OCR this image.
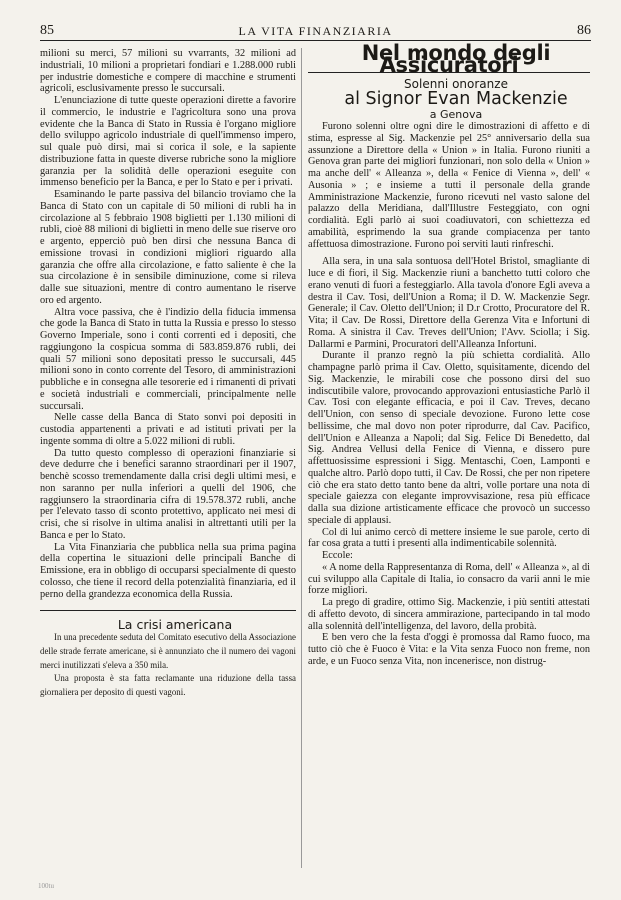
85	LA VITA FINANZIARIA	86

milioni su merci, 57 milioni su vvarrants, 32 milioni ad industriali, 10 milioni a proprietari fondiari e 1.288.000 rubli per industrie domestiche e compere di macchine e strumenti agricoli, esclusivamente presso le succursali.

L'enunciazione di tutte queste operazioni dirette a favorire il commercio, le industrie e l'agricoltura sono una prova evidente che la Banca di Stato in Russia è l'organo migliore dello sviluppo agricolo industriale di quell'immenso impero, sul quale può dirsi, mai si corica il sole, e la sapiente distribuzione fatta in queste diverse rubriche sono la migliore garanzia per la solidità delle operazioni eseguite con immenso beneficio per la Banca, e per lo Stato e per i privati.

Esaminando le parte passiva del bilancio troviamo che la Banca di Stato con un capitale di 50 milioni di rubli ha in circolazione al 5 febbraio 1908 biglietti per 1.130 milioni di rubli, cioè 88 milioni di biglietti in meno delle sue riserve oro e argento, epperciò può ben dirsi che nessuna Banca di emissione trovasi in condizioni migliori riguardo alla garanzia che offre alla circolazione, e fatto saliente è che la sua circolazione è in sensibile diminuzione, come si rileva dalle sue situazioni, mentre di contro aumentano le riserve oro ed argento.

Altra voce passiva, che è l'indizio della fiducia immensa che gode la Banca di Stato in tutta la Russia e presso lo stesso Governo Imperiale, sono i conti correnti ed i depositi, che raggiungono la cospicua somma di 583.859.876 rubli, dei quali 57 milioni sono depositati presso le succursali, 445 milioni sono in conto corrente del Tesoro, di amministrazioni pubbliche e in consegna alle tesorerie ed i rimanenti di privati e società industriali e commerciali, principalmente nelle succursali.

Nelle casse della Banca di Stato sonvi poi depositi in custodia appartenenti a privati e ad istituti privati per la ingente somma di oltre a 5.022 milioni di rubli.

Da tutto questo complesso di operazioni finanziarie si deve dedurre che i benefici saranno straordinari per il 1907, benchè scosso tremendamente dalla crisi degli ultimi mesi, e non saranno per nulla inferiori a quelli del 1906, che raggiunsero la straordinaria cifra di 19.578.372 rubli, anche per l'elevato tasso di sconto protettivo, applicato nei mesi di crisi, che si risolve in ultima analisi in altrettanti utili per la Banca e per lo Stato.

La Vita Finanziaria che pubblica nella sua prima pagina della copertina le situazioni delle principali Banche di Emissione, era in obbligo di occuparsi specialmente di questo colosso, che tiene il record della potenzialità finanziaria, ed il perno della grandezza economica della Russia.

La crisi americana

In una precedente seduta del Comitato esecutivo della Associazione delle strade ferrate americane, si è annunziato che il numero dei vagoni merci inutilizzati s'eleva a 350 mila.

Una proposta è sta fatta reclamante una riduzione della tassa giornaliera per deposito di questi vagoni.

Nel mondo degli Assicuratori

Solenni onoranze

al Signor Evan Mackenzie

a Genova

Furono solenni oltre ogni dire le dimostrazioni di affetto e di stima, espresse al Sig. Mackenzie pel 25° anniversario della sua assunzione a Direttore della « Union » in Italia. Furono riuniti a Genova gran parte dei migliori funzionari, non solo della « Union » ma anche dell' « Alleanza », della « Fenice di Vienna », dell' « Ausonia » ; e insieme a tutti il personale della grande Amministrazione Mackenzie, furono ricevuti nel vasto salone del palazzo della Meridiana, dall'Illustre Festeggiato, con ogni cordialità. Egli parlò ai suoi coadiuvatori, con schiettezza ed amabilità, esprimendo la sua grande compiacenza per tanto affettuosa dimostrazione. Furono poi serviti lauti rinfreschi.

Alla sera, in una sala sontuosa dell'Hotel Bristol, smagliante di luce e di fiori, il Sig. Mackenzie riunì a banchetto tutti coloro che erano venuti di fuori a festeggiarlo. Alla tavola d'onore Egli aveva a destra il Cav. Tosi, dell'Union a Roma; il D. W. Mackenzie Segr. Generale; il Cav. Oletto dell'Union; il D.r Crotto, Procuratore del R. Vita; il Cav. De Rossi, Direttore della Gerenza Vita e Infortuni di Roma. A sinistra il Cav. Treves dell'Union; l'Avv. Sciolla; i Sig. Dallarmi e Parmini, Procuratori dell'Alleanza Infortuni.

Durante il pranzo regnò la più schietta cordialità. Allo champagne parlò prima il Cav. Oletto, squisitamente, dicendo del Sig. Mackenzie, le mirabili cose che possono dirsi del suo indiscutibile valore, provocando approvazioni entusiastiche Parlò il Cav. Tosi con elegante efficacia, e poi il Cav. Treves, decano dell'Union, con senso di speciale devozione. Furono lette cose bellissime, che mal dovo non poter riprodurre, dal Cav. Pacifico, dell'Union e Alleanza a Napoli; dal Sig. Felice Di Benedetto, dal Sig. Andrea Vellusi della Fenice di Vienna, e dissero pure affettuosissime espressioni i Sigg. Mentaschi, Coen, Lamponti e qualche altro. Parlò dopo tutti, il Cav. De Rossi, che per non ripetere ciò che era stato detto tanto bene da altri, volle portare una nota di speciale gaiezza con elegante improvvisazione, resa più efficace dalla sua dizione artisticamente efficace che provocò un successo speciale di applausi.

Col di lui animo cercò di mettere insieme le sue parole, certo di far cosa grata a tutti i presenti alla indimenticabile solennità.

Eccole:

« A nome della Rappresentanza di Roma, dell' « Alleanza », al di cui sviluppo alla Capitale di Italia, io consacro da varii anni le mie forze migliori.

La prego di gradire, ottimo Sig. Mackenzie, i più sentiti attestati di affetto devoto, di sincera ammirazione, partecipando in tal modo alla solennità dell'intelligenza, del lavoro, della probità.

E ben vero che la festa d'oggi è promossa dal Ramo fuoco, ma tutto ciò che è Fuoco è Vita: e la Vita senza Fuoco non freme, non arde, e un Fuoco senza Vita, non incenerisce, non distrug-

100tu
